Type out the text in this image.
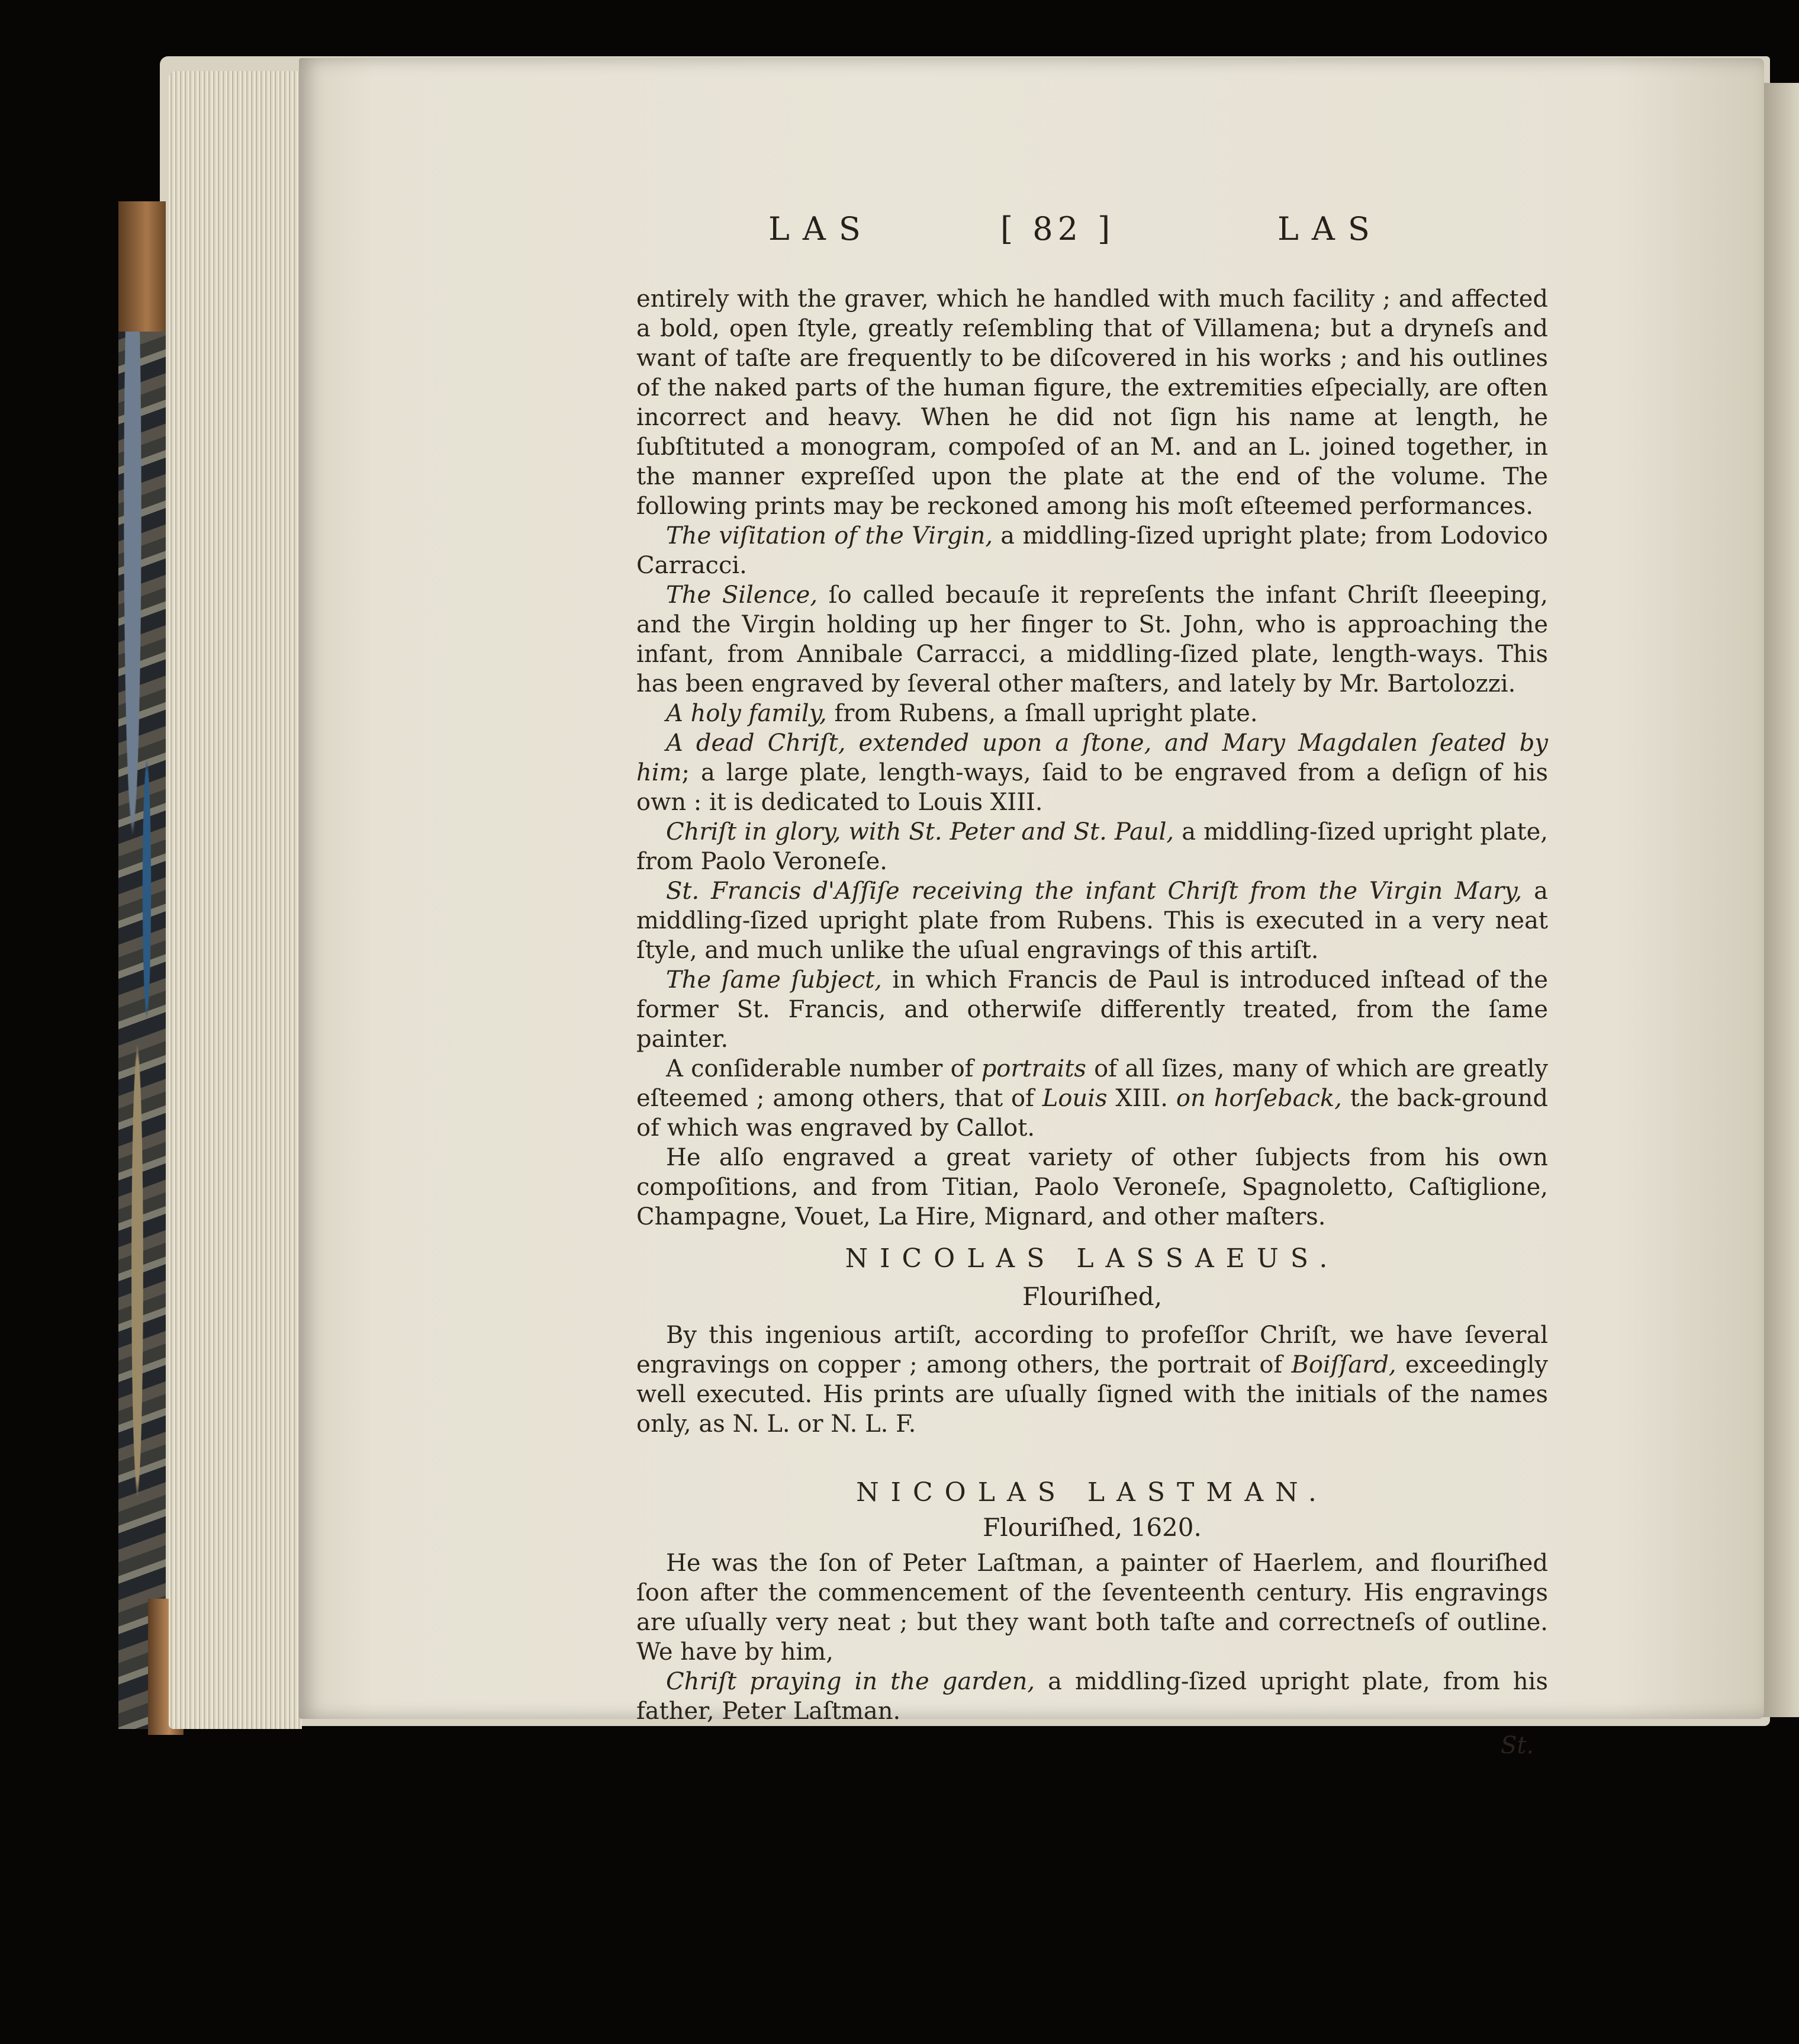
LAS	[ 82 ]	LAS

entirely with the graver, which he handled with much facility ; and affected a bold, open ſtyle, greatly reſembling that of Villamena; but a dryneſs and want of taſte are frequently to be diſcovered in his works ; and his outlines of the naked parts of the human figure, the extremities eſpecially, are often incorrect and heavy. When he did not ſign his name at length, he ſubſtituted a monogram, compoſed of an M. and an L. joined together, in the manner expreſſed upon the plate at the end of the volume. The following prints may be reckoned among his moſt eſteemed performances.

The viſitation of the Virgin, a middling-ſized upright plate; from Lodovico Carracci.

The Silence, ſo called becauſe it repreſents the infant Chriſt ſleeeping, and the Virgin holding up her finger to St. John, who is approaching the infant, from Annibale Carracci, a middling-ſized plate, length-ways. This has been engraved by ſeveral other maſters, and lately by Mr. Bartolozzi.

A holy family, from Rubens, a ſmall upright plate.

A dead Chriſt, extended upon a ſtone, and Mary Magdalen ſeated by him; a large plate, length-ways, ſaid to be engraved from a deſign of his own : it is dedicated to Louis XIII.

Chriſt in glory, with St. Peter and St. Paul, a middling-ſized upright plate, from Paolo Veroneſe.

St. Francis d'Aſſiſe receiving the infant Chriſt from the Virgin Mary, a middling-ſized upright plate from Rubens. This is executed in a very neat ſtyle, and much unlike the uſual engravings of this artiſt.

The ſame ſubject, in which Francis de Paul is introduced inſtead of the former St. Francis, and otherwiſe differently treated, from the ſame painter.

A conſiderable number of portraits of all ſizes, many of which are greatly eſteemed ; among others, that of Louis XIII. on horſeback, the back-ground of which was engraved by Callot.

He alſo engraved a great variety of other ſubjects from his own compoſitions, and from Titian, Paolo Veroneſe, Spagnoletto, Caſtiglione, Champagne, Vouet, La Hire, Mignard, and other maſters.

NICOLAS LASSAEUS.
Flouriſhed,

By this ingenious artiſt, according to profeſſor Chriſt, we have ſeveral engravings on copper ; among others, the portrait of Boiſſard, exceedingly well executed. His prints are uſually ſigned with the initials of the names only, as N. L. or N. L. F.

NICOLAS LASTMAN.
Flouriſhed, 1620.

He was the ſon of Peter Laſtman, a painter of Haerlem, and flouriſhed ſoon after the commencement of the ſeventeenth century. His engravings are uſually very neat ; but they want both taſte and correctneſs of outline. We have by him,

Chriſt praying in the garden, a middling-ſized upright plate, from his father, Peter Laſtman.

St.
